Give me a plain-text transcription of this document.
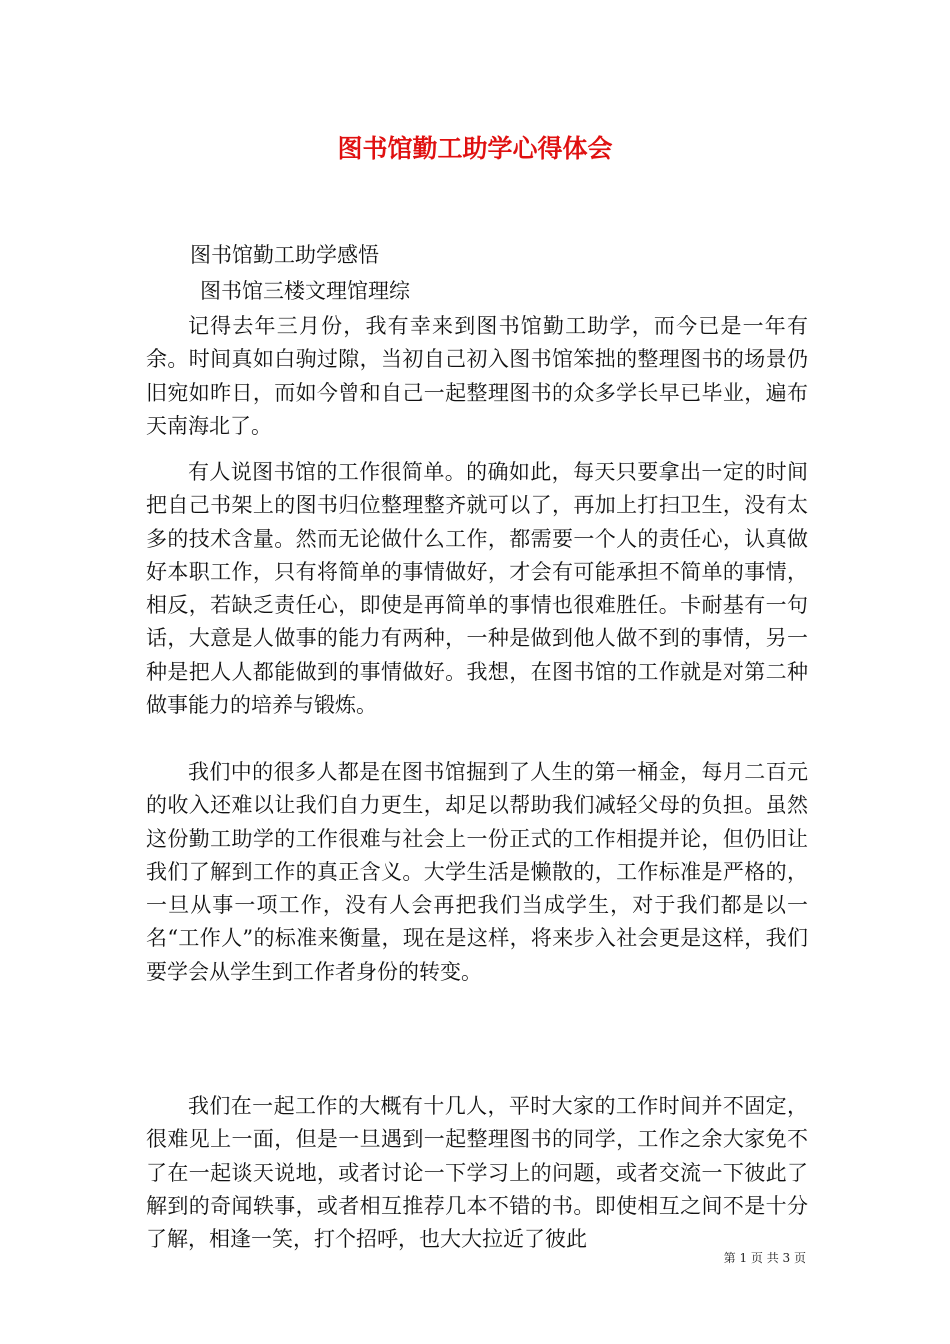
图书馆勤工助学心得体会

图书馆勤工助学感悟

图书馆三楼文理馆理综

记得去年三月份，我有幸来到图书馆勤工助学，而今已是一年有余。时间真如白驹过隙，当初自己初入图书馆笨拙的整理图书的场景仍旧宛如昨日，而如今曾和自己一起整理图书的众多学长早已毕业，遍布天南海北了。

有人说图书馆的工作很简单。的确如此，每天只要拿出一定的时间把自己书架上的图书归位整理整齐就可以了，再加上打扫卫生，没有太多的技术含量。然而无论做什么工作，都需要一个人的责任心，认真做好本职工作，只有将简单的事情做好，才会有可能承担不简单的事情，相反，若缺乏责任心，即使是再简单的事情也很难胜任。卡耐基有一句话，大意是人做事的能力有两种，一种是做到他人做不到的事情，另一种是把人人都能做到的事情做好。我想，在图书馆的工作就是对第二种做事能力的培养与锻炼。

我们中的很多人都是在图书馆掘到了人生的第一桶金，每月二百元的收入还难以让我们自力更生，却足以帮助我们减轻父母的负担。虽然这份勤工助学的工作很难与社会上一份正式的工作相提并论，但仍旧让我们了解到工作的真正含义。大学生活是懒散的，工作标准是严格的，一旦从事一项工作，没有人会再把我们当成学生，对于我们都是以一名“工作人”的标准来衡量，现在是这样，将来步入社会更是这样，我们要学会从学生到工作者身份的转变。

我们在一起工作的大概有十几人，平时大家的工作时间并不固定，很难见上一面，但是一旦遇到一起整理图书的同学，工作之余大家免不了在一起谈天说地，或者讨论一下学习上的问题，或者交流一下彼此了解到的奇闻轶事，或者相互推荐几本不错的书。即使相互之间不是十分了解，相逢一笑，打个招呼，也大大拉近了彼此

第 1 页 共 3 页
